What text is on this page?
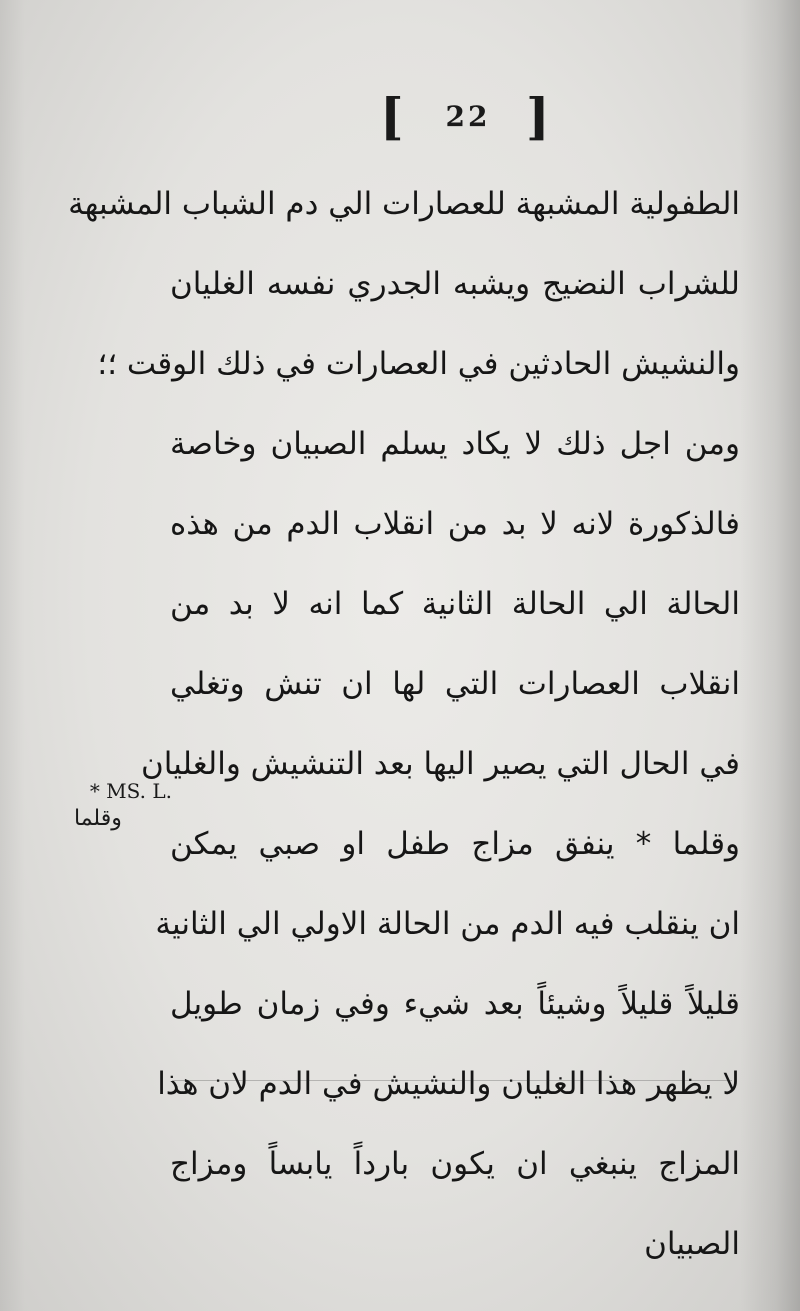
[ 22 ]
الطفولية المشبهة للعصارات الي دم الشباب المشبهة
للشراب النضيج ويشبه الجدري نفسه الغليان
والنشيش الحادثين في العصارات في ذلك الوقت ؛؛
ومن اجل ذلك لا يكاد يسلم الصبيان وخاصة
فالذكورة لانه لا بد من انقلاب الدم من هذه
الحالة الي الحالة الثانية كما انه لا بد من
انقلاب العصارات التي لها ان تنش وتغلي
في الحال التي يصير اليها بعد التنشيش والغليان
وقلما * ينفق مزاج طفل او صبي يمكن
ان ينقلب فيه الدم من الحالة الاولي الي الثانية
قليلاً قليلاً وشيئاً بعد شيء وفي زمان طويل
لا يظهر هذا الغليان والنشيش في الدم لان هذا
المزاج ينبغي ان يكون بارداً يابساً ومزاج
الصبيان
* MS. L.
وقلما
